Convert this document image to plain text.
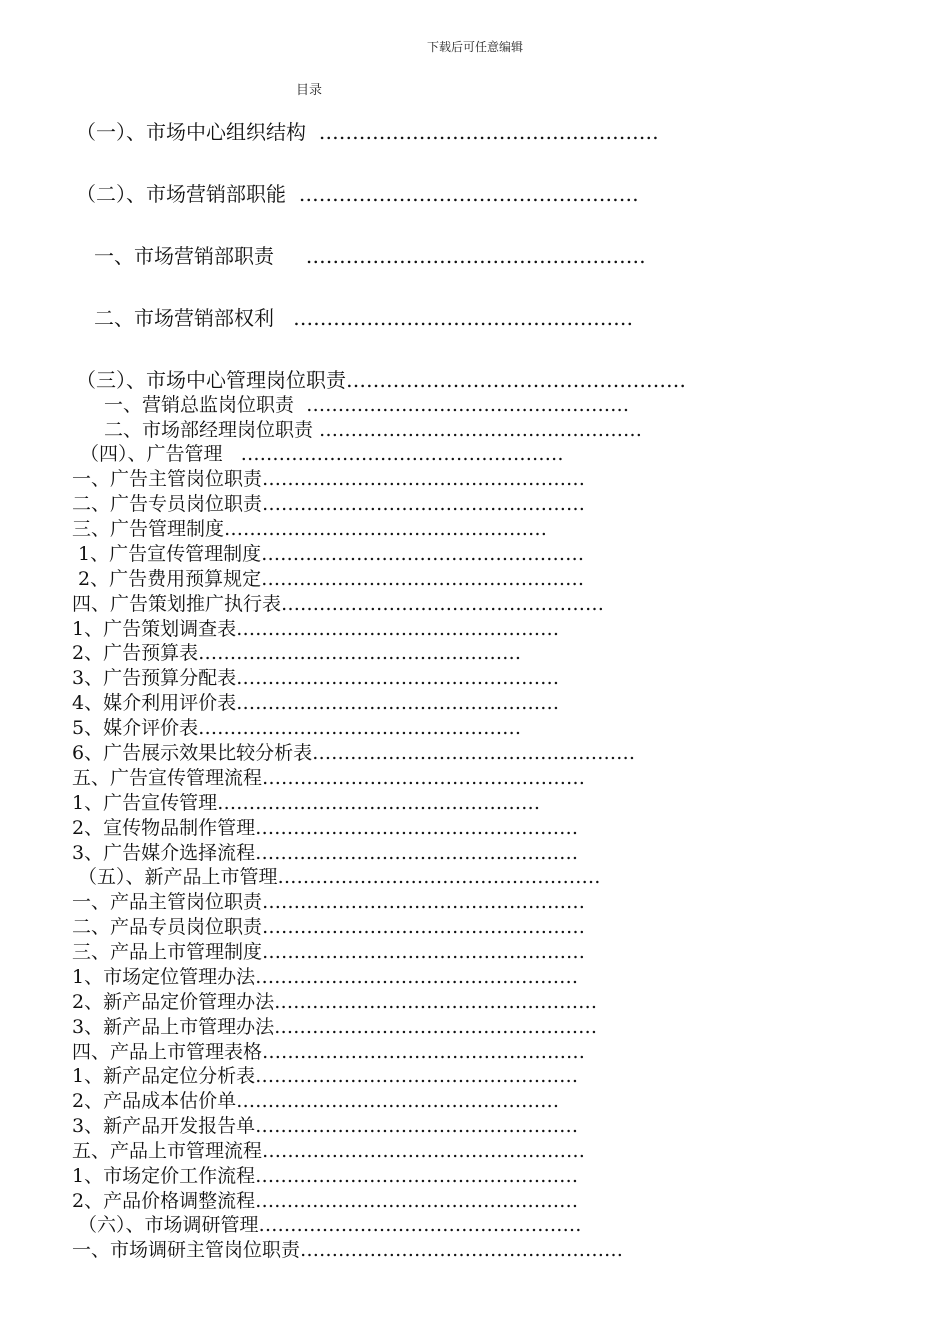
下载后可任意编辑
目录
（一）、市场中心组织结构  ……………………………………………
（二）、市场营销部职能  ……………………………………………
一、市场营销部职责     ……………………………………………
二、市场营销部权利   ……………………………………………
（三）、市场中心管理岗位职责……………………………………………
一、营销总监岗位职责  ……………………………………………
二、市场部经理岗位职责 ……………………………………………
（四）、广告管理   ……………………………………………
一、广告主管岗位职责……………………………………………
二、广告专员岗位职责……………………………………………
三、广告管理制度……………………………………………
1、广告宣传管理制度……………………………………………
2、广告费用预算规定……………………………………………
四、广告策划推广执行表……………………………………………
1、广告策划调查表……………………………………………
2、广告预算表……………………………………………
3、广告预算分配表……………………………………………
4、媒介利用评价表……………………………………………
5、媒介评价表……………………………………………
6、广告展示效果比较分析表……………………………………………
五、广告宣传管理流程……………………………………………
1、广告宣传管理……………………………………………
2、宣传物品制作管理……………………………………………
3、广告媒介选择流程……………………………………………
（五）、新产品上市管理……………………………………………
一、产品主管岗位职责……………………………………………
二、产品专员岗位职责……………………………………………
三、产品上市管理制度……………………………………………
1、市场定位管理办法……………………………………………
2、新产品定价管理办法……………………………………………
3、新产品上市管理办法……………………………………………
四、产品上市管理表格……………………………………………
1、新产品定位分析表……………………………………………
2、产品成本估价单……………………………………………
3、新产品开发报告单……………………………………………
五、产品上市管理流程……………………………………………
1、市场定价工作流程……………………………………………
2、产品价格调整流程……………………………………………
（六）、市场调研管理……………………………………………
一、市场调研主管岗位职责……………………………………………
